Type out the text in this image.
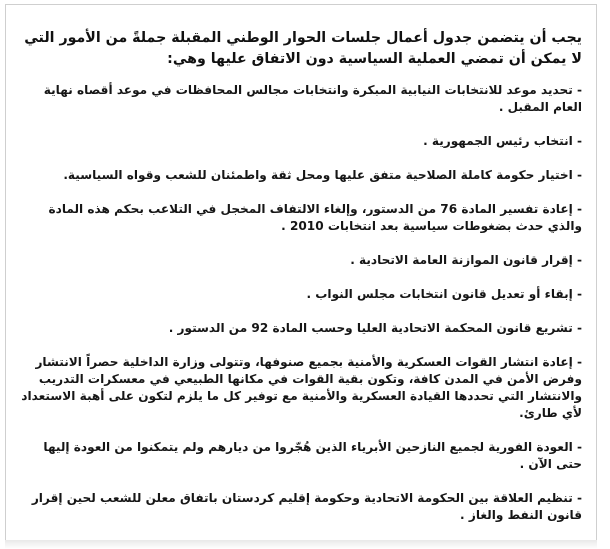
يجب أن يتضمن جدول أعمال جلسات الحوار الوطني المقبلة جملةً من الأمور التي لا يمكن أن تمضي العملية السياسية دون الاتفاق عليها وهي:

- تحديد موعد للانتخابات النيابية المبكرة وانتخابات مجالس المحافظات في موعد أقصاه نهاية العام المقبل .

- انتخاب رئيس الجمهورية .

- اختيار حكومة كاملة الصلاحية متفق عليها ومحل ثقة واطمئنان للشعب وقواه السياسية.

- إعادة تفسير المادة 76 من الدستور، وإلغاء الالتفاف المخجل في التلاعب بحكم هذه المادة والذي حدث بضغوطات سياسية بعد انتخابات 2010 .

- إقرار قانون الموازنة العامة الاتحادية .

- إبقاء أو تعديل قانون انتخابات مجلس النواب .

- تشريع قانون المحكمة الاتحادية العليا وحسب المادة 92 من الدستور .

- إعادة انتشار القوات العسكرية والأمنية بجميع صنوفها، وتتولى وزارة الداخلية حصراً الانتشار وفرض الأمن في المدن كافة، وتكون بقية القوات في مكانها الطبيعي في معسكرات التدريب والانتشار التي تحددها القيادة العسكرية والأمنية مع توفير كل ما يلزم لتكون على أهبة الاستعداد لأي طارئ.

- العودة الفورية لجميع النازحين الأبرياء الذين هُجّروا من ديارهم ولم يتمكنوا من العودة إليها حتى الآن .

- تنظيم العلاقة بين الحكومة الاتحادية وحكومة إقليم كردستان باتفاق معلن للشعب لحين إقرار قانون النفط والغاز .
